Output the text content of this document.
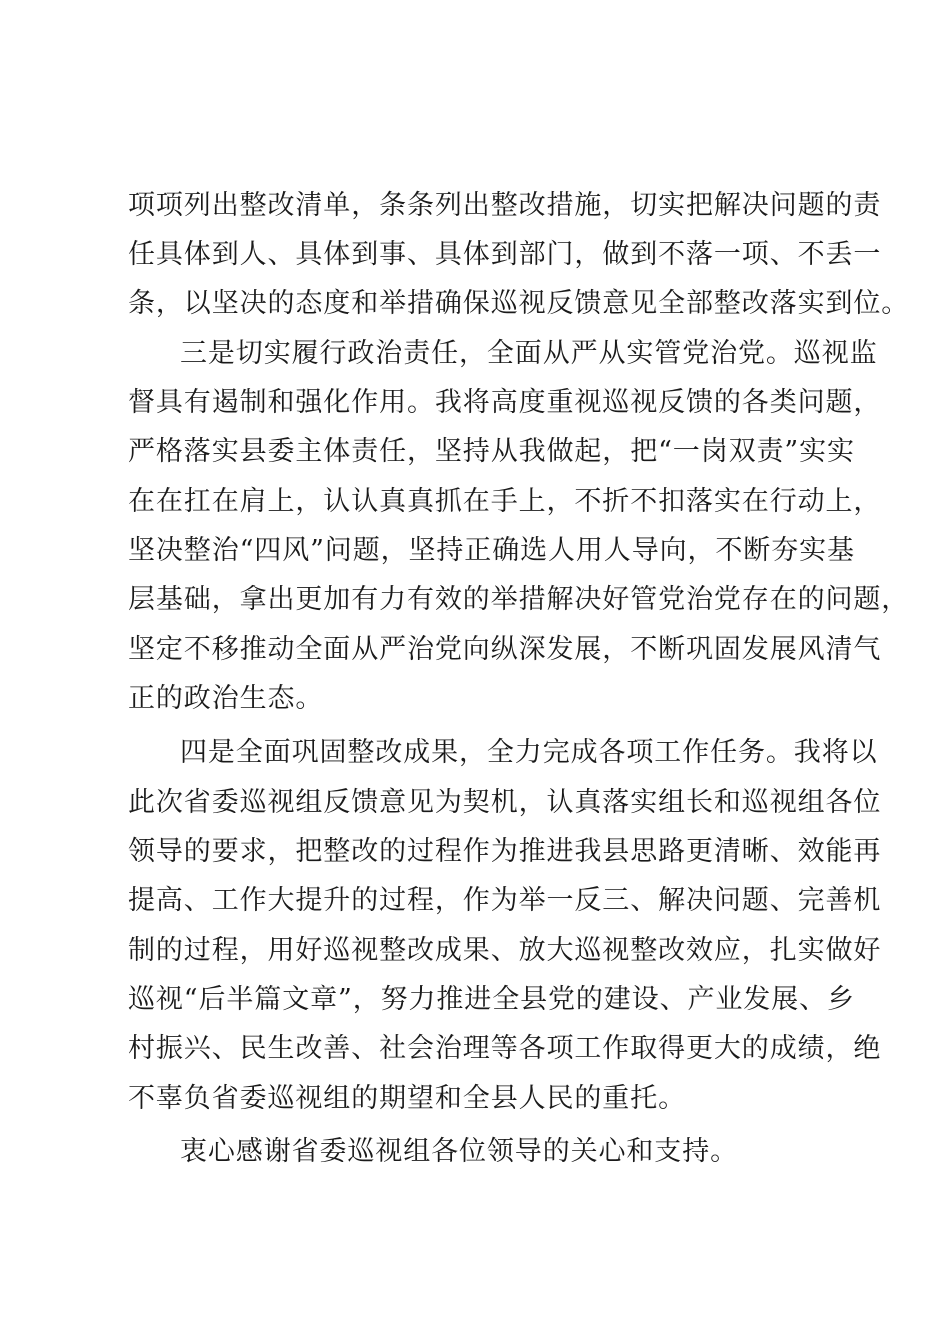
项项列出整改清单，条条列出整改措施，切实把解决问题的责
任具体到人、具体到事、具体到部门，做到不落一项、不丢一
条，以坚决的态度和举措确保巡视反馈意见全部整改落实到位。
三是切实履行政治责任，全面从严从实管党治党。巡视监
督具有遏制和强化作用。我将高度重视巡视反馈的各类问题，
严格落实县委主体责任，坚持从我做起，把“一岗双责”实实
在在扛在肩上，认认真真抓在手上，不折不扣落实在行动上，
坚决整治“四风”问题，坚持正确选人用人导向，不断夯实基
层基础，拿出更加有力有效的举措解决好管党治党存在的问题，
坚定不移推动全面从严治党向纵深发展，不断巩固发展风清气
正的政治生态。
四是全面巩固整改成果，全力完成各项工作任务。我将以
此次省委巡视组反馈意见为契机，认真落实组长和巡视组各位
领导的要求，把整改的过程作为推进我县思路更清晰、效能再
提高、工作大提升的过程，作为举一反三、解决问题、完善机
制的过程，用好巡视整改成果、放大巡视整改效应，扎实做好
巡视“后半篇文章”，努力推进全县党的建设、产业发展、乡
村振兴、民生改善、社会治理等各项工作取得更大的成绩，绝
不辜负省委巡视组的期望和全县人民的重托。
衷心感谢省委巡视组各位领导的关心和支持。
